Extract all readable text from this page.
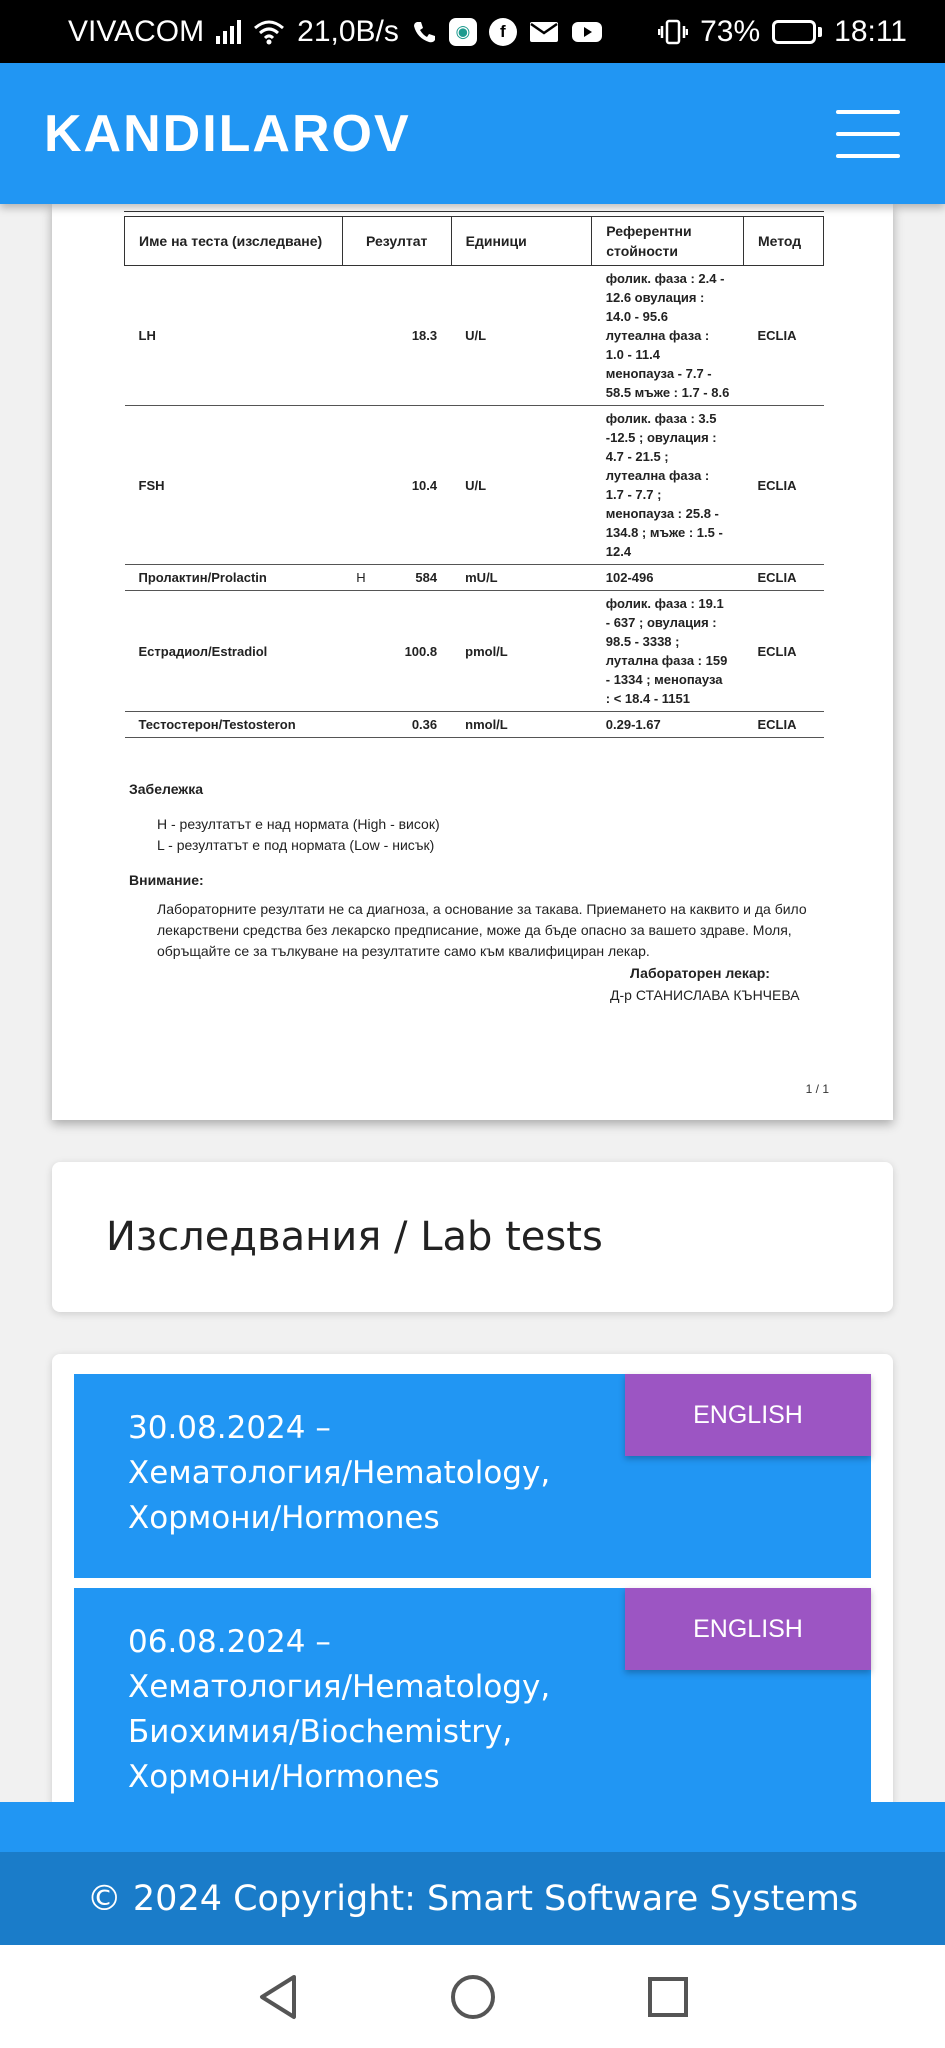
VIVACOM	21,0B/s	◉	f	73% 18:11
KANDILAROV
Име на теста (изследване)	Резултат	Единици	Референтни стойности	Метод
LH	18.3	U/L	фолик. фаза : 2.4 - 12.6 овулация : 14.0 - 95.6 лутеална фаза : 1.0 - 11.4 менопауза - 7.7 - 58.5 мъже : 1.7 - 8.6	ECLIA
FSH	10.4	U/L	фолик. фаза : 3.5 -12.5 ; овулация : 4.7 - 21.5 ; лутеална фаза : 1.7 - 7.7 ; менопауза : 25.8 - 134.8 ; мъже : 1.5 - 12.4	ECLIA
Пролактин/Prolactin	H 584	mU/L	102-496	ECLIA
Естрадиол/Estradiol	100.8	pmol/L	фолик. фаза : 19.1 - 637 ; овулация : 98.5 - 3338 ; лутална фаза : 159 - 1334 ; менопауза : < 18.4 - 1151	ECLIA
Тестостерон/Testosteron	0.36	nmol/L	0.29-1.67	ECLIA
Забележка
H - резултатът е над нормата (High - висок)
L - резултатът е под нормата (Low - нисък)
Внимание:
Лабораторните резултати не са диагноза, а основание за такава. Приемането на каквито и да било лекарствени средства без лекарско предписание, може да бъде опасно за вашето здраве. Моля, обръщайте се за тълкуване на резултатите само към квалифициран лекар.
Лабораторен лекар:
Д-р СТАНИСЛАВА КЪНЧЕВА
1 / 1
Изследвания / Lab tests
30.08.2024 –
Хематология/Hematology,
Хормони/Hormones
ENGLISH
06.08.2024 –
Хематология/Hematology,
Биохимия/Biochemistry,
Хормони/Hormones
ENGLISH
© 2024 Copyright: Smart Software Systems
